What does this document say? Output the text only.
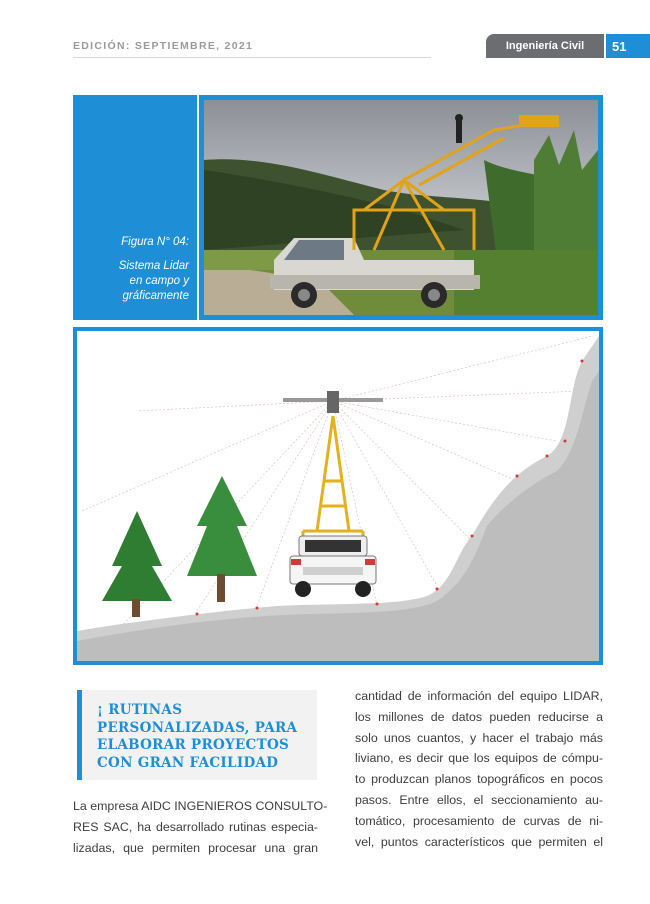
EDICIÓN: SEPTIEMBRE, 2021	Ingeniería Civil	51
Figura N° 04:
Sistema Lidar
en campo y
gráficamente
¡ RUTINAS
PERSONALIZADAS, PARA
ELABORAR PROYECTOS
CON GRAN FACILIDAD
La empresa AIDC INGENIEROS CONSULTO-
RES SAC, ha desarrollado rutinas especia-
lizadas, que permiten procesar una gran
cantidad de información del equipo LIDAR,
los millones de datos pueden reducirse a
solo unos cuantos, y hacer el trabajo más
liviano, es decir que los equipos de cómpu-
to produzcan planos topográficos en pocos
pasos. Entre ellos, el seccionamiento au-
tomático, procesamiento de curvas de ni-
vel, puntos característicos que permiten el
